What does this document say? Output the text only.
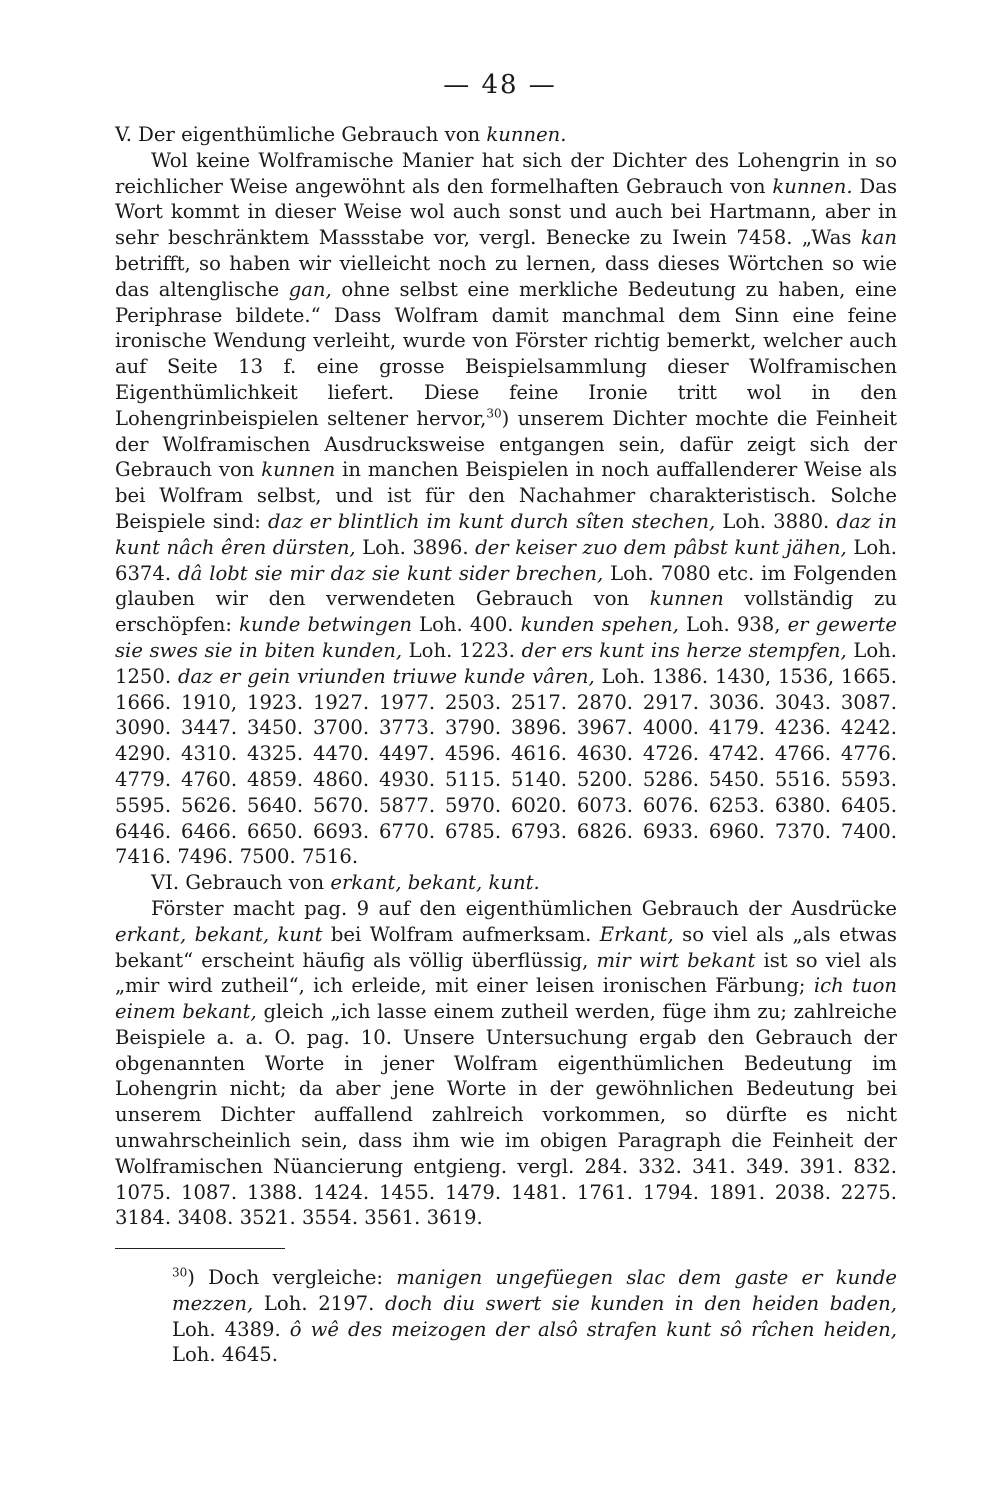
— 48 —

V. Der eigenthümliche Gebrauch von kunnen.

Wol keine Wolframische Manier hat sich der Dichter des Lohengrin in so reichlicher Weise angewöhnt als den formelhaften Gebrauch von kunnen. Das Wort kommt in dieser Weise wol auch sonst und auch bei Hartmann, aber in sehr beschränktem Massstabe vor, vergl. Benecke zu Iwein 7458. „Was kan betrifft, so haben wir vielleicht noch zu lernen, dass dieses Wörtchen so wie das altenglische gan, ohne selbst eine merkliche Bedeutung zu haben, eine Periphrase bildete.“ Dass Wolfram damit manchmal dem Sinn eine feine ironische Wendung verleiht, wurde von Förster richtig bemerkt, welcher auch auf Seite 13 f. eine grosse Beispielsammlung dieser Wolframischen Eigenthümlichkeit liefert. Diese feine Ironie tritt wol in den Lohengrinbeispielen seltener hervor,$^{30}$) unserem Dichter mochte die Feinheit der Wolframischen Ausdrucksweise entgangen sein, dafür zeigt sich der Gebrauch von kunnen in manchen Beispielen in noch auffallenderer Weise als bei Wolfram selbst, und ist für den Nachahmer charakteristisch. Solche Beispiele sind: daz er blintlich im kunt durch sîten stechen, Loh. 3880. daz in kunt nâch êren dürsten, Loh. 3896. der keiser zuo dem pâbst kunt jähen, Loh. 6374. dâ lobt sie mir daz sie kunt sider brechen, Loh. 7080 etc. im Folgenden glauben wir den verwendeten Gebrauch von kunnen vollständig zu erschöpfen: kunde betwingen Loh. 400. kunden spehen, Loh. 938, er gewerte sie swes sie in biten kunden, Loh. 1223. der ers kunt ins herze stempfen, Loh. 1250. daz er gein vriunden triuwe kunde vâren, Loh. 1386. 1430, 1536, 1665. 1666. 1910, 1923. 1927. 1977. 2503. 2517. 2870. 2917. 3036. 3043. 3087. 3090. 3447. 3450. 3700. 3773. 3790. 3896. 3967. 4000. 4179. 4236. 4242. 4290. 4310. 4325. 4470. 4497. 4596. 4616. 4630. 4726. 4742. 4766. 4776. 4779. 4760. 4859. 4860. 4930. 5115. 5140. 5200. 5286. 5450. 5516. 5593. 5595. 5626. 5640. 5670. 5877. 5970. 6020. 6073. 6076. 6253. 6380. 6405. 6446. 6466. 6650. 6693. 6770. 6785. 6793. 6826. 6933. 6960. 7370. 7400. 7416. 7496. 7500. 7516.

VI. Gebrauch von erkant, bekant, kunt.

Förster macht pag. 9 auf den eigenthümlichen Gebrauch der Ausdrücke erkant, bekant, kunt bei Wolfram aufmerksam. Erkant, so viel als „als etwas bekant“ erscheint häufig als völlig überflüssig, mir wirt bekant ist so viel als „mir wird zutheil“, ich erleide, mit einer leisen ironischen Färbung; ich tuon einem bekant, gleich „ich lasse einem zutheil werden, füge ihm zu; zahlreiche Beispiele a. a. O. pag. 10. Unsere Untersuchung ergab den Gebrauch der obgenannten Worte in jener Wolfram eigenthümlichen Bedeutung im Lohengrin nicht; da aber jene Worte in der gewöhnlichen Bedeutung bei unserem Dichter auffallend zahlreich vorkommen, so dürfte es nicht unwahrscheinlich sein, dass ihm wie im obigen Paragraph die Feinheit der Wolframischen Nüancierung entgieng. vergl. 284. 332. 341. 349. 391. 832. 1075. 1087. 1388. 1424. 1455. 1479. 1481. 1761. 1794. 1891. 2038. 2275. 3184. 3408. 3521. 3554. 3561. 3619.

$^{30}$) Doch vergleiche: manigen ungefüegen slac dem gaste er kunde mezzen, Loh. 2197. doch diu swert sie kunden in den heiden baden, Loh. 4389. ô wê des meizogen der alsô strafen kunt sô rîchen heiden, Loh. 4645.
